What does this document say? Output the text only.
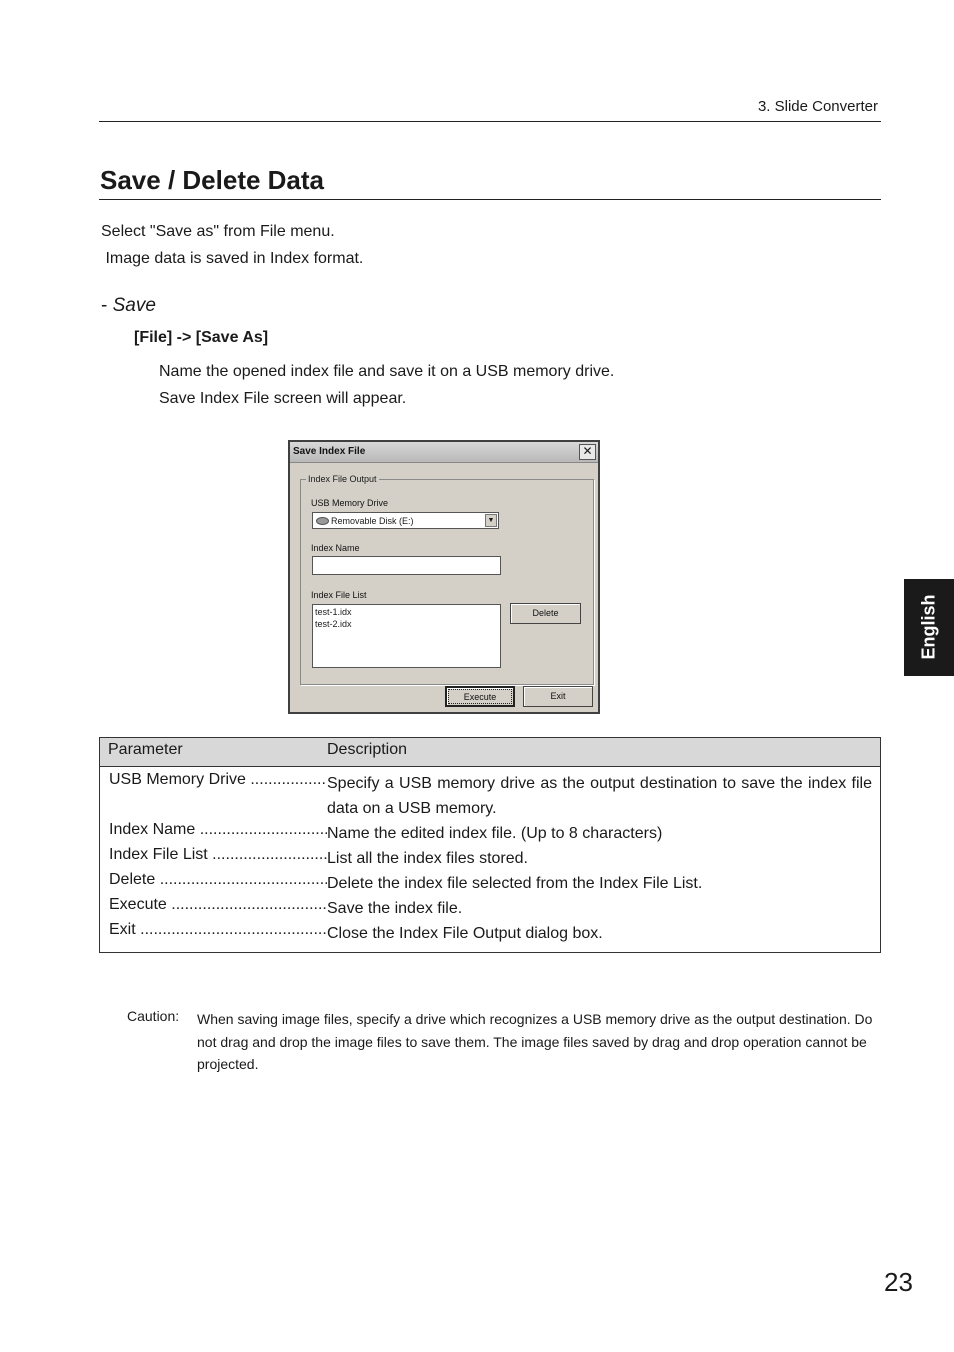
3. Slide Converter
Save / Delete Data
Select "Save as" from File menu.
Image data is saved in Index format.
- Save
[File] -> [Save As]
Name the opened index file and save it on a USB memory drive.
Save Index File screen will appear.
Save Index File	✕
Index File Output
USB Memory Drive
Removable Disk (E:)	▼
Index Name
Index File List
test-1.idx
test-2.idx
Delete
Execute	Exit
English
Parameter	Description
USB Memory Drive .....	Specify a USB memory drive as the output destination to save the index file data on a USB memory.
Index Name .....	Name the edited index file. (Up to 8 characters)
Index File List .....	List all the index files stored.
Delete .....	Delete the index file selected from the Index File List.
Execute .....	Save the index file.
Exit .....	Close the Index File Output dialog box.
Caution: When saving image files, specify a drive which recognizes a USB memory drive as the output destination. Do not drag and drop the image files to save them. The image files saved by drag and drop operation cannot be projected.
23
